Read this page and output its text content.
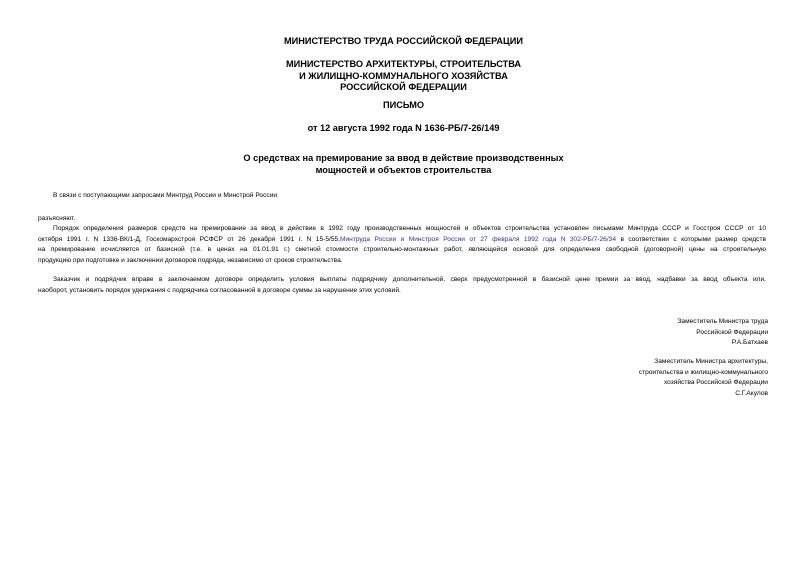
МИНИСТЕРСТВО ТРУДА РОССИЙСКОЙ ФЕДЕРАЦИИ

МИНИСТЕРСТВО АРХИТЕКТУРЫ, СТРОИТЕЛЬСТВА
И ЖИЛИЩНО-КОММУНАЛЬНОГО ХОЗЯЙСТВА
РОССИЙСКОЙ ФЕДЕРАЦИИ

ПИСЬМО

от 12 августа 1992 года N 1636-РБ/7-26/149

О средствах на премирование за ввод в действие производственных
мощностей и объектов строительства

В связи с поступающими запросами Минтруд России и Минстрой России

разъясняют.

Порядок определения размеров средств на премирование за ввод в действие в 1992 году производственных мощностей и объектов строительства установлен письмами Минтруда СССР и Госстроя СССР от 10
октября 1991 г. N 1336-ВК/1-Д, Госкомархстроя РСФСР от 26 декабря 1991 г. N 15-5/55,Минтруда России и Минстроя России от 27 февраля 1992 года N 302-РБ/7-26/34 в соответствии с которыми размер средств
на премирование исчисляется от базисной (т.е. в ценах на 01.01.91 г.) сметной стоимости строительно-монтажных работ, являющейся основой для определения свободной (договорной) цены на строительную
продукцию при подготовке и заключении договоров подряда, независимо от сроков строительства.

Заказчик и подрядчик вправе в заключаемом договоре определить условия выплаты подрядчику дополнительной, сверх предусмотренной в базисной цене премии за ввод, надбавки за ввод объекта или,
наоборот, установить порядок удержания с подрядчика согласованной в договоре суммы за нарушение этих условий.

Заместитель Министра труда
Российской Федерации
Р.А.Батхаев

Заместитель Министра архитектуры,
строительства и жилищно-коммунального
хозяйства Российской Федерации
С.Г.Акулов
